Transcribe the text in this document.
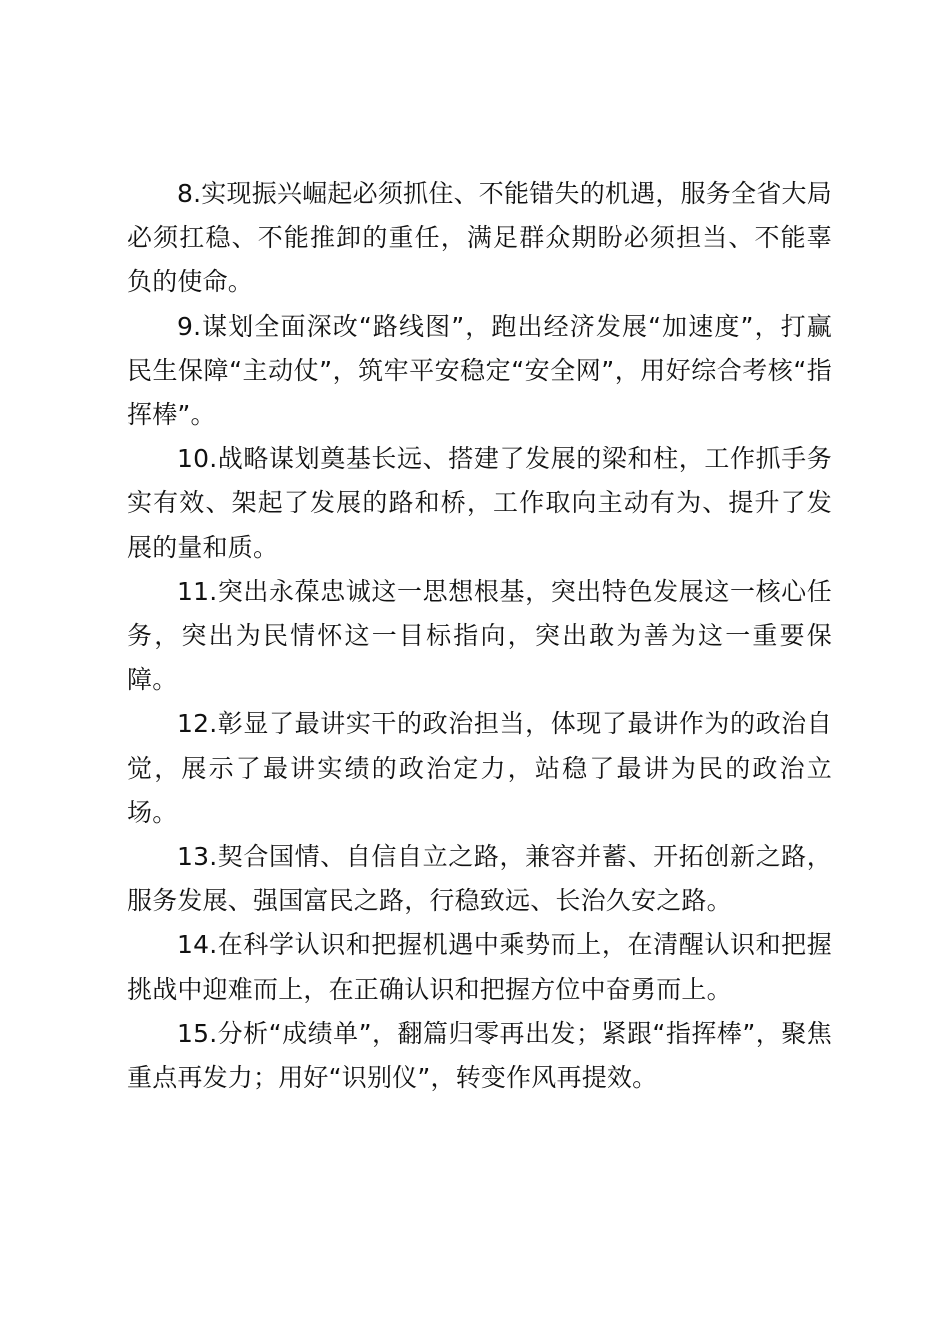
8.实现振兴崛起必须抓住、不能错失的机遇，服务全省大局必须扛稳、不能推卸的重任，满足群众期盼必须担当、不能辜负的使命。

9.谋划全面深改“路线图”，跑出经济发展“加速度”，打赢民生保障“主动仗”，筑牢平安稳定“安全网”，用好综合考核“指挥棒”。

10.战略谋划奠基长远、搭建了发展的梁和柱，工作抓手务实有效、架起了发展的路和桥，工作取向主动有为、提升了发展的量和质。

11.突出永葆忠诚这一思想根基，突出特色发展这一核心任务，突出为民情怀这一目标指向，突出敢为善为这一重要保障。

12.彰显了最讲实干的政治担当，体现了最讲作为的政治自觉，展示了最讲实绩的政治定力，站稳了最讲为民的政治立场。

13.契合国情、自信自立之路，兼容并蓄、开拓创新之路，服务发展、强国富民之路，行稳致远、长治久安之路。

14.在科学认识和把握机遇中乘势而上，在清醒认识和把握挑战中迎难而上，在正确认识和把握方位中奋勇而上。

15.分析“成绩单”，翻篇归零再出发；紧跟“指挥棒”，聚焦重点再发力；用好“识别仪”，转变作风再提效。
